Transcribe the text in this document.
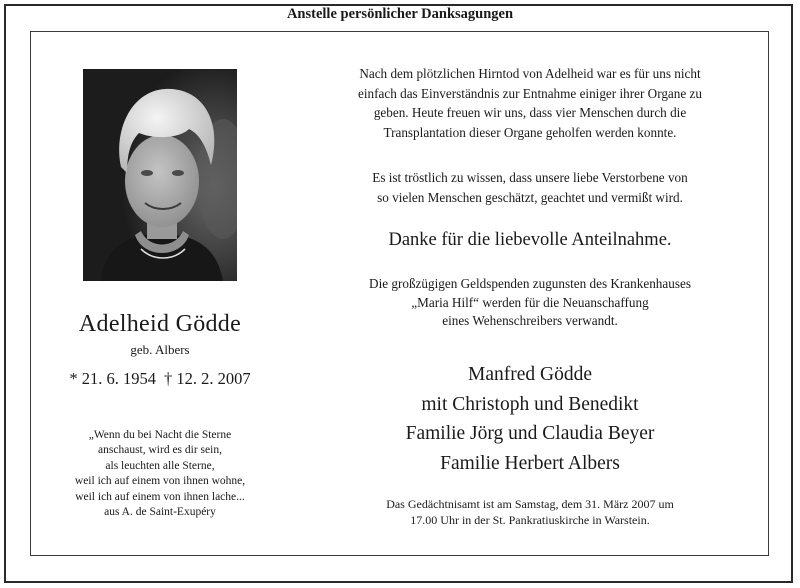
Anstelle persönlicher Danksagungen
Adelheid Gödde
geb. Albers
* 21. 6. 1954 † 12. 2. 2007
„Wenn du bei Nacht die Sterne
anschaust, wird es dir sein,
als leuchten alle Sterne,
weil ich auf einem von ihnen wohne,
weil ich auf einem von ihnen lache...
aus A. de Saint-Exupéry
Nach dem plötzlichen Hirntod von Adelheid war es für uns nicht
einfach das Einverständnis zur Entnahme einiger ihrer Organe zu
geben. Heute freuen wir uns, dass vier Menschen durch die
Transplantation dieser Organe geholfen werden konnte.
Es ist tröstlich zu wissen, dass unsere liebe Verstorbene von
so vielen Menschen geschätzt, geachtet und vermißt wird.
Danke für die liebevolle Anteilnahme.
Die großzügigen Geldspenden zugunsten des Krankenhauses
„Maria Hilf“ werden für die Neuanschaffung
eines Wehenschreibers verwandt.
Manfred Gödde
mit Christoph und Benedikt
Familie Jörg und Claudia Beyer
Familie Herbert Albers
Das Gedächtnisamt ist am Samstag, dem 31. März 2007 um
17.00 Uhr in der St. Pankratiuskirche in Warstein.
